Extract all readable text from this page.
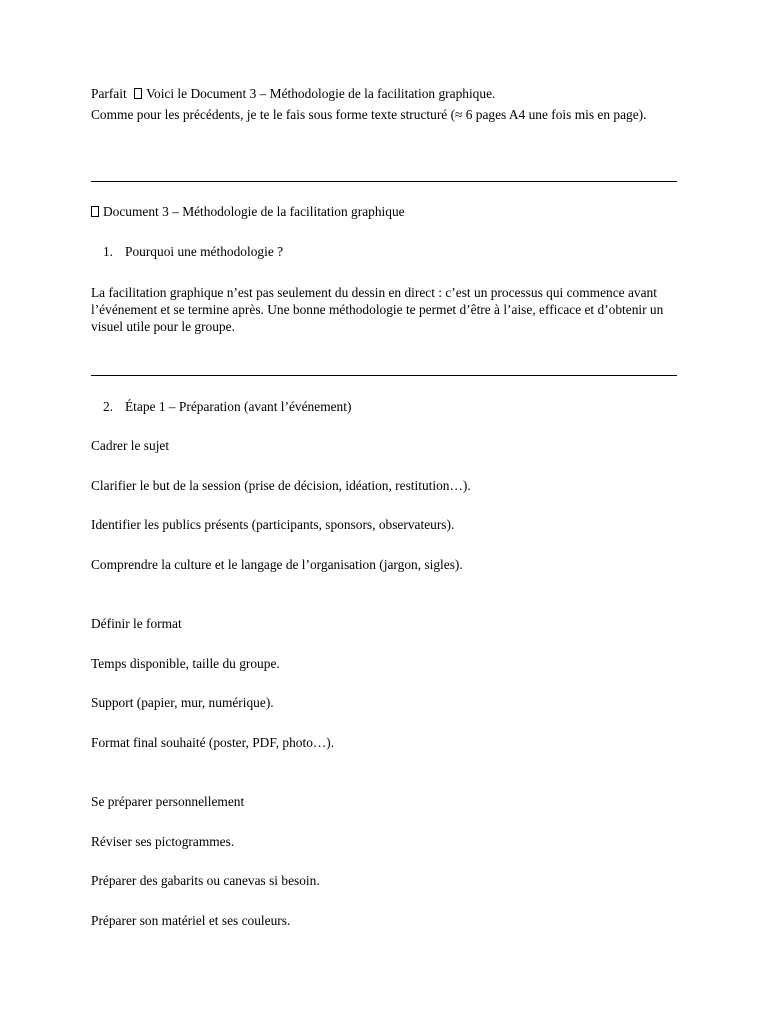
Parfait Voici le Document 3 – Méthodologie de la facilitation graphique.
Comme pour les précédents, je te le fais sous forme texte structuré (≈ 6 pages A4 une fois mis en page).
Document 3 – Méthodologie de la facilitation graphique
1. Pourquoi une méthodologie ?
La facilitation graphique n’est pas seulement du dessin en direct : c’est un processus qui commence avant l’événement et se termine après. Une bonne méthodologie te permet d’être à l’aise, efficace et d’obtenir un visuel utile pour le groupe.
2. Étape 1 – Préparation (avant l’événement)
Cadrer le sujet
Clarifier le but de la session (prise de décision, idéation, restitution…).
Identifier les publics présents (participants, sponsors, observateurs).
Comprendre la culture et le langage de l’organisation (jargon, sigles).
Définir le format
Temps disponible, taille du groupe.
Support (papier, mur, numérique).
Format final souhaité (poster, PDF, photo…).
Se préparer personnellement
Réviser ses pictogrammes.
Préparer des gabarits ou canevas si besoin.
Préparer son matériel et ses couleurs.
